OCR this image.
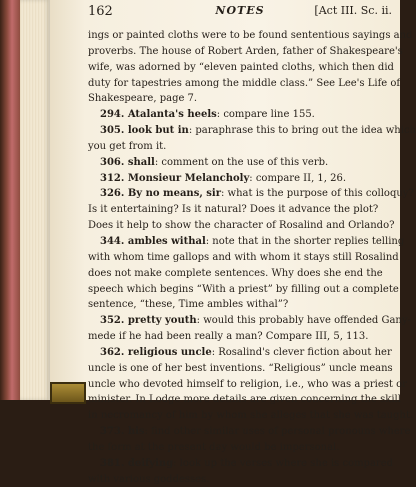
162	NOTES	[Act III. Sc. ii.
ings or painted cloths were to be found sententious sayings and
proverbs. The house of Robert Arden, father of Shakespeare's
wife, was adorned by “eleven painted cloths, which then did
duty for tapestries among the middle class.” See Lee's Life of
Shakespeare, page 7.
294. Atalanta's heels: compare line 155.
305. look but in: paraphrase this to bring out the idea which
you get from it.
306. shall: comment on the use of this verb.
312. Monsieur Melancholy: compare II, 1, 26.
326. By no means, sir: what is the purpose of this colloquy?
Is it entertaining? Is it natural? Does it advance the plot?
Does it help to show the character of Rosalind and Orlando?
344. ambles withal: note that in the shorter replies telling
with whom time gallops and with whom it stays still Rosalind
does not make complete sentences. Why does she end the
speech which begins “With a priest” by filling out a complete
sentence, “these, Time ambles withal”?
352. pretty youth: would this probably have offended Gany-
mede if he had been really a man? Compare III, 5, 113.
362. religious uncle: Rosalind's clever fiction about her
uncle is one of her best inventions. “Religious” uncle means
uncle who devoted himself to religion, i.e., who was a priest or
minister. In Lodge more details are given concerning the skill
in necromancy of him by whom she alleges that she was taught.
373. his: find other similar uses of personal pronouns where
the form at the present day would be impersonal.
381. deifying: look up the verses where she is compared
with various goddesses.
